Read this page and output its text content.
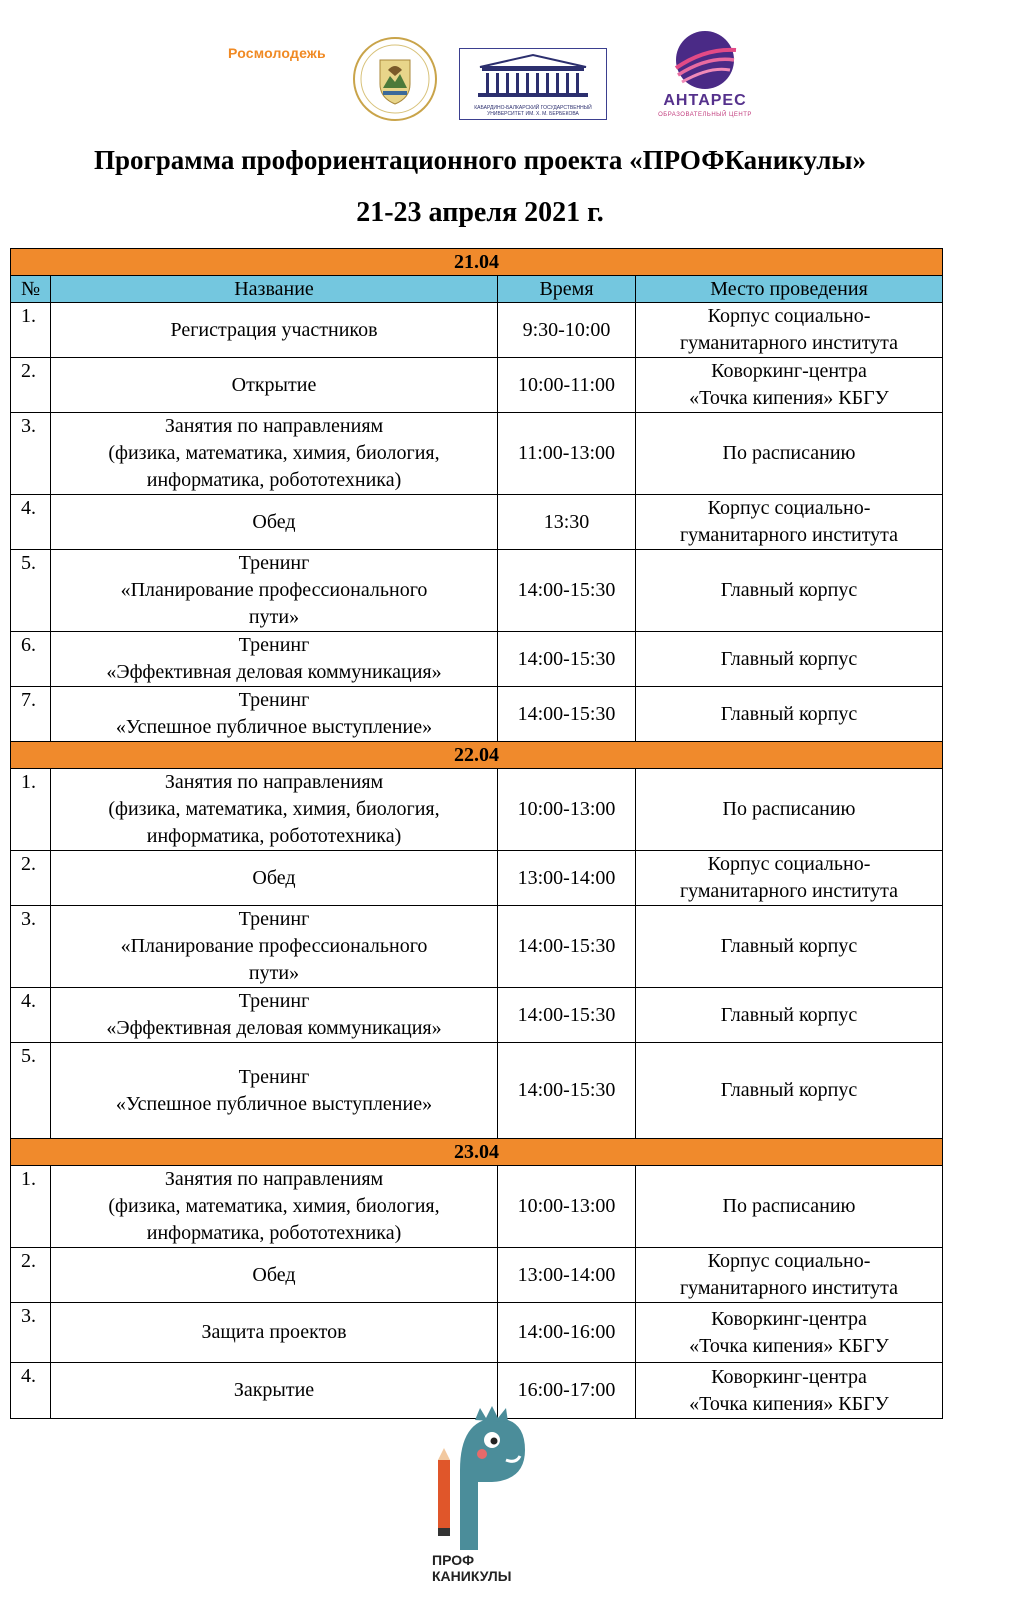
Росмолодежь
КАБАРДИНО-БАЛКАРСКИЙ ГОСУДАРСТВЕННЫЙ УНИВЕРСИТЕТ ИМ. Х. М. БЕРБЕКОВА
АНТАРЕС
ОБРАЗОВАТЕЛЬНЫЙ ЦЕНТР
Программа профориентационного проекта «ПРОФКаникулы»
21-23 апреля 2021 г.
21.04			
№	Название	Время	Место проведения
1.	Регистрация участников	9:30-10:00	Корпус социально-
гуманитарного института

2.	Открытие	10:00-11:00	Коворкинг-центра
«Точка кипения» КБГУ

3.	Занятия по направлениям
(физика, математика, химия, биология,
информатика, робототехника)	11:00-13:00	По расписанию

4.	Обед	13:30	Корпус социально-
гуманитарного института

5.	Тренинг
«Планирование профессионального
пути»	14:00-15:30	Главный корпус

6.	Тренинг
«Эффективная деловая коммуникация»	14:00-15:30	Главный корпус

7.	Тренинг
«Успешное публичное выступление»	14:00-15:30	Главный корпус

22.04			
1.	Занятия по направлениям
(физика, математика, химия, биология,
информатика, робототехника)	10:00-13:00	По расписанию

2.	Обед	13:00-14:00	Корпус социально-
гуманитарного института

3.	Тренинг
«Планирование профессионального
пути»	14:00-15:30	Главный корпус

4.	Тренинг
«Эффективная деловая коммуникация»	14:00-15:30	Главный корпус

5.	Тренинг
«Успешное публичное выступление»	14:00-15:30	Главный корпус

23.04			
1.	Занятия по направлениям
(физика, математика, химия, биология,
информатика, робототехника)	10:00-13:00	По расписанию

2.	Обед	13:00-14:00	Корпус социально-
гуманитарного института

3.	Защита проектов	14:00-16:00	Коворкинг-центра
«Точка кипения» КБГУ

4.	Закрытие	16:00-17:00	Коворкинг-центра
«Точка кипения» КБГУ
ПРОФ
КАНИКУЛЫ
